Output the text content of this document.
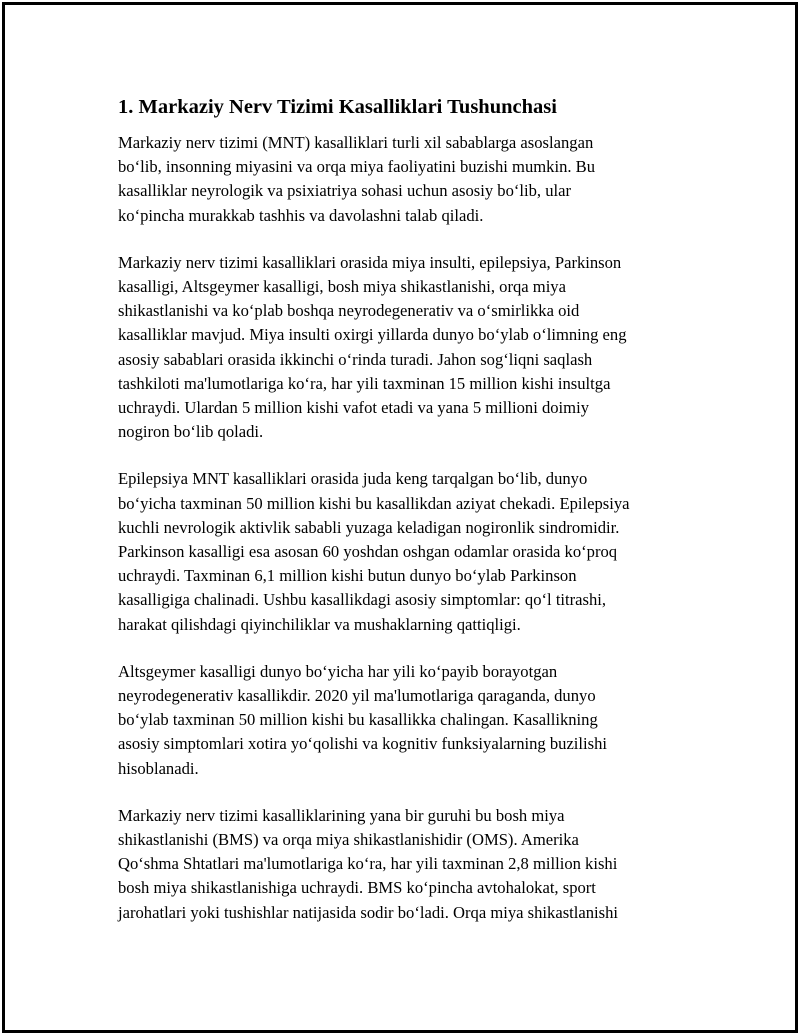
1. Markaziy Nerv Tizimi Kasalliklari Tushunchasi

Markaziy nerv tizimi (MNT) kasalliklari turli xil sabablarga asoslangan
bo‘lib, insonning miyasini va orqa miya faoliyatini buzishi mumkin. Bu
kasalliklar neyrologik va psixiatriya sohasi uchun asosiy bo‘lib, ular
ko‘pincha murakkab tashhis va davolashni talab qiladi.

Markaziy nerv tizimi kasalliklari orasida miya insulti, epilepsiya, Parkinson
kasalligi, Altsgeymer kasalligi, bosh miya shikastlanishi, orqa miya
shikastlanishi va ko‘plab boshqa neyrodegenerativ va o‘smirlikka oid
kasalliklar mavjud. Miya insulti oxirgi yillarda dunyo bo‘ylab o‘limning eng
asosiy sabablari orasida ikkinchi o‘rinda turadi. Jahon sog‘liqni saqlash
tashkiloti ma'lumotlariga ko‘ra, har yili taxminan 15 million kishi insultga
uchraydi. Ulardan 5 million kishi vafot etadi va yana 5 millioni doimiy
nogiron bo‘lib qoladi.

Epilepsiya MNT kasalliklari orasida juda keng tarqalgan bo‘lib, dunyo
bo‘yicha taxminan 50 million kishi bu kasallikdan aziyat chekadi. Epilepsiya
kuchli nevrologik aktivlik sababli yuzaga keladigan nogironlik sindromidir.
Parkinson kasalligi esa asosan 60 yoshdan oshgan odamlar orasida ko‘proq
uchraydi. Taxminan 6,1 million kishi butun dunyo bo‘ylab Parkinson
kasalligiga chalinadi. Ushbu kasallikdagi asosiy simptomlar: qo‘l titrashi,
harakat qilishdagi qiyinchiliklar va mushaklarning qattiqligi.

Altsgeymer kasalligi dunyo bo‘yicha har yili ko‘payib borayotgan
neyrodegenerativ kasallikdir. 2020 yil ma'lumotlariga qaraganda, dunyo
bo‘ylab taxminan 50 million kishi bu kasallikka chalingan. Kasallikning
asosiy simptomlari xotira yo‘qolishi va kognitiv funksiyalarning buzilishi
hisoblanadi.

Markaziy nerv tizimi kasalliklarining yana bir guruhi bu bosh miya
shikastlanishi (BMS) va orqa miya shikastlanishidir (OMS). Amerika
Qo‘shma Shtatlari ma'lumotlariga ko‘ra, har yili taxminan 2,8 million kishi
bosh miya shikastlanishiga uchraydi. BMS ko‘pincha avtohalokat, sport
jarohatlari yoki tushishlar natijasida sodir bo‘ladi. Orqa miya shikastlanishi
